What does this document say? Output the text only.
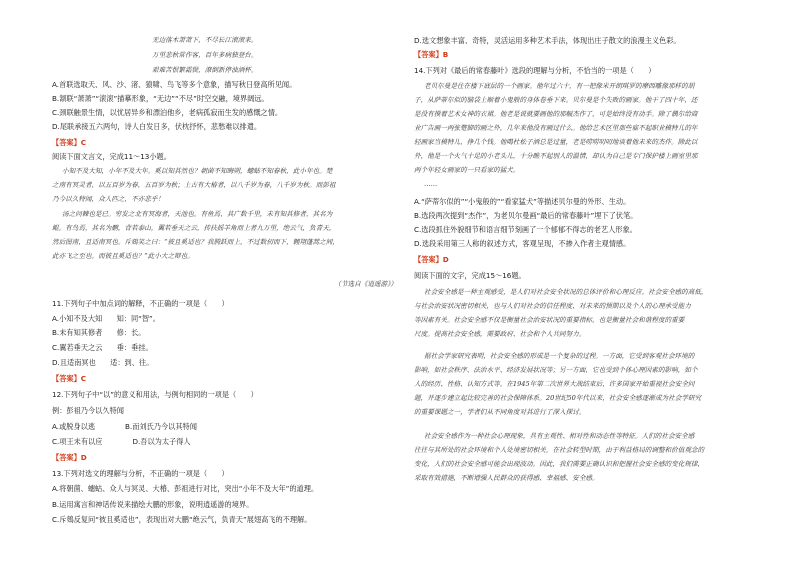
无边落木萧萧下，不尽长江滚滚来。
万里悲秋常作客，百年多病独登台。
艰难苦恨繁霜鬓，潦倒新停浊酒杯。
A.首联选取天、风、沙、渚、猿啸、鸟飞等多个意象，描写秋日登高所见闻。
B.颔联“萧萧”“滚滚”描摹形象，“无边”“不尽”时空交融，境界阔远。
C.颈联触景生情，以忧居异乡和漂泊他乡，老病孤寂而生发的感慨之情。
D.尾联承接五六两句，诗人白发日多，伏枕抒怀，悲愁难以排遣。
【答案】C
阅读下面文言文，完成11～13小题。
小知不及大知，小年不及大年。奚以知其然也？朝菌不知晦朔，蟪蛄不知春秋，此小年也。楚
之南有冥灵者，以五百岁为春，五百岁为秋；上古有大椿者，以八千岁为春，八千岁为秋。而彭祖
乃今以久特闻，众人匹之，不亦悲乎！
汤之问棘也是已。穷发之北有冥海者，天池也。有鱼焉，其广数千里，未有知其修者，其名为
鲲。有鸟焉，其名为鹏，背若泰山，翼若垂天之云，抟扶摇羊角而上者九万里，绝云气，负青天，
然后图南，且适南冥也。斥鴳笑之曰：“彼且奚适也？我腾跃而上，不过数仞而下，翱翔蓬蒿之间，
此亦飞之至也。而彼且奚适也？”此小大之辩也。
（节选自《逍遥游》）
11.下列句子中加点词的解释，不正确的一项是（　　）
A.小知不及大知　　知：同“智”。
B.未有知其修者　　修：长。
C.翼若垂天之云　　垂：垂挂。
D.且适南冥也　　适：到、往。
【答案】C
12.下列句子中“以”的意义和用法，与例句相同的一项是（　　）
例：彭祖乃今以久特闻
A.或脱身以逃	B.而刘氏乃今以其特闻
C.项王未有以应	D.吾以为太子得人
【答案】D
13.下列对选文的理解与分析，不正确的一项是（　　）
A.将朝菌、蟪蛄、众人与冥灵、大椿、彭祖进行对比，突出“小年不及大年”的道理。
B.运用寓言和神话传说来描绘大鹏的形象，说明逍遥游的境界。
C.斥鴳反复问“彼且奚适也”，表现出对大鹏“绝云气，负青天”展翅高飞的不理解。
D.选文想象丰富、奇特，灵活运用多种艺术手法，体现出庄子散文的浪漫主义色彩。
【答案】B
14.下列对《最后的常春藤叶》选段的理解与分析，不恰当的一项是（　　）
老贝尔曼是住在楼下底层的一个画家。他年过六十，有一把像米开朗琪罗的摩西雕像那样的胡
子，从萨蒂尔似的脑袋上顺着小鬼般的身体卷垂下来。贝尔曼是个失败的画家。他干了四十年，还
是没有摸着艺术女神的衣裙。他老是说就要画他的那幅杰作了，可是始终没有动手。除了偶尔给商
业广告画一两张蹩脚的画之外，几年来他没有画过什么。他给艺术区里那些雇不起职业模特儿的年
轻画家当模特儿，挣几个钱。他喝杜松子酒总是过量，老是唠唠叨叨地谈着他未来的杰作。除此以
外，他是一个火气十足的小老头儿，十分瞧不起别人的温情，却认为自己是专门保护楼上画室里那
两个年轻女画家的一只看家的猛犬。
……
A.“萨蒂尔似的”“小鬼般的”“看家猛犬”等描述贝尔曼的外形、生动。
B.选段两次提到“杰作”，为老贝尔曼画“最后的常春藤叶”埋下了伏笔。
C.选段抓住外貌细节和语言细节刻画了一个郁郁不得志的老艺人形象。
D.选段采用第三人称的叙述方式，客观呈现，不掺入作者主观情感。
【答案】D
阅读下面的文字，完成15～16题。
社会安全感是一种主观感受，是人们对社会安全状况的总体评价和心理反应。社会安全感的高低，
与社会治安状况密切相关，也与人们对社会的信任程度、对未来的预期以及个人的心理承受能力
等因素有关。社会安全感不仅是衡量社会治安状况的重要指标，也是衡量社会和谐程度的重要
尺度。提高社会安全感，需要政府、社会和个人共同努力。
据社会学家研究表明，社会安全感的形成是一个复杂的过程。一方面，它受到客观社会环境的
影响，如社会秩序、法治水平、经济发展状况等；另一方面，它也受到个体心理因素的影响，如个
人的经历、性格、认知方式等。在1945年第二次世界大战结束后，许多国家开始重视社会安全问
题，并逐步建立起比较完善的社会保障体系。20世纪50年代以来，社会安全感逐渐成为社会学研究
的重要课题之一，学者们从不同角度对其进行了深入探讨。
社会安全感作为一种社会心理现象，具有主观性、相对性和动态性等特征。人们的社会安全感
往往与其所处的社会环境和个人处境密切相关。在社会转型时期，由于利益格局的调整和价值观念的
变化，人们的社会安全感可能会出现波动。因此，我们需要正确认识和把握社会安全感的变化规律，
采取有效措施，不断增强人民群众的获得感、幸福感、安全感。
